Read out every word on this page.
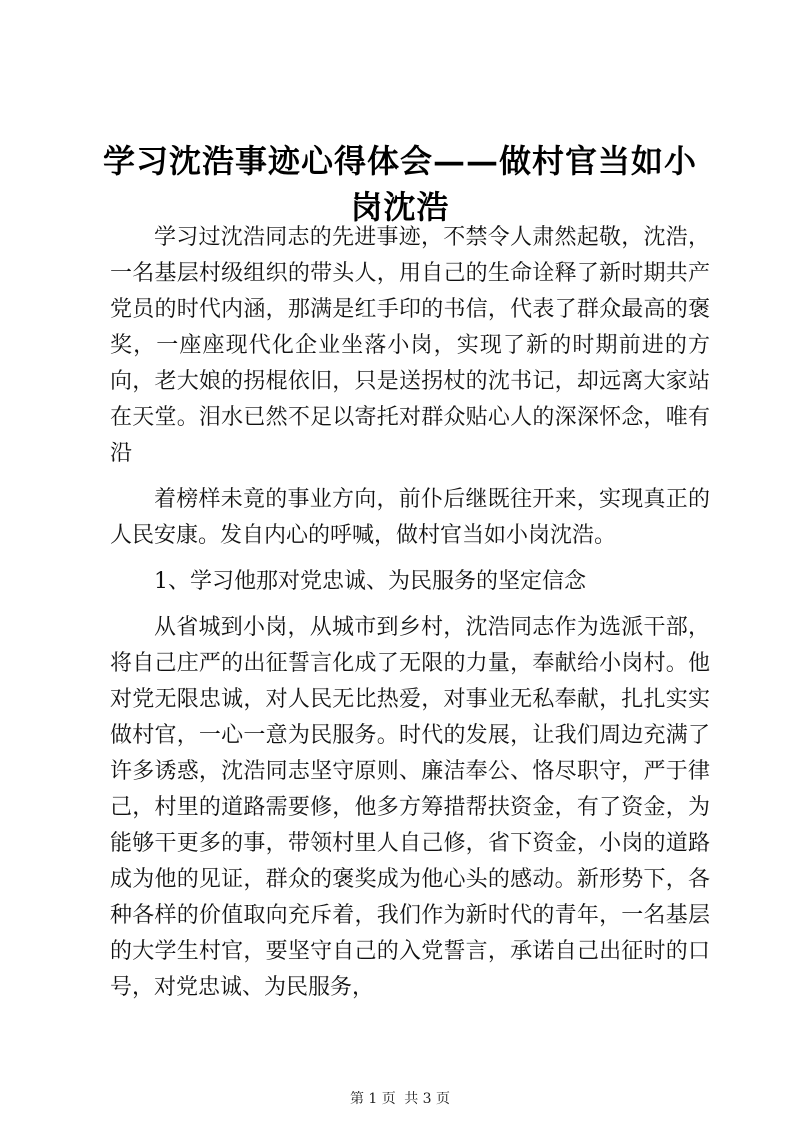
学习沈浩事迹心得体会——做村官当如小岗沈浩

学习过沈浩同志的先进事迹，不禁令人肃然起敬，沈浩，一名基层村级组织的带头人，用自己的生命诠释了新时期共产党员的时代内涵，那满是红手印的书信，代表了群众最高的褒奖，一座座现代化企业坐落小岗，实现了新的时期前进的方向，老大娘的拐棍依旧，只是送拐杖的沈书记，却远离大家站在天堂。泪水已然不足以寄托对群众贴心人的深深怀念，唯有沿

着榜样未竟的事业方向，前仆后继既往开来，实现真正的人民安康。发自内心的呼喊，做村官当如小岗沈浩。

1、学习他那对党忠诚、为民服务的坚定信念

从省城到小岗，从城市到乡村，沈浩同志作为选派干部，将自己庄严的出征誓言化成了无限的力量，奉献给小岗村。他对党无限忠诚，对人民无比热爱，对事业无私奉献，扎扎实实做村官，一心一意为民服务。时代的发展，让我们周边充满了许多诱惑，沈浩同志坚守原则、廉洁奉公、恪尽职守，严于律己，村里的道路需要修，他多方筹措帮扶资金，有了资金，为能够干更多的事，带领村里人自己修，省下资金，小岗的道路成为他的见证，群众的褒奖成为他心头的感动。新形势下，各种各样的价值取向充斥着，我们作为新时代的青年，一名基层的大学生村官，要坚守自己的入党誓言，承诺自己出征时的口号，对党忠诚、为民服务，

第 1 页 共 3 页
